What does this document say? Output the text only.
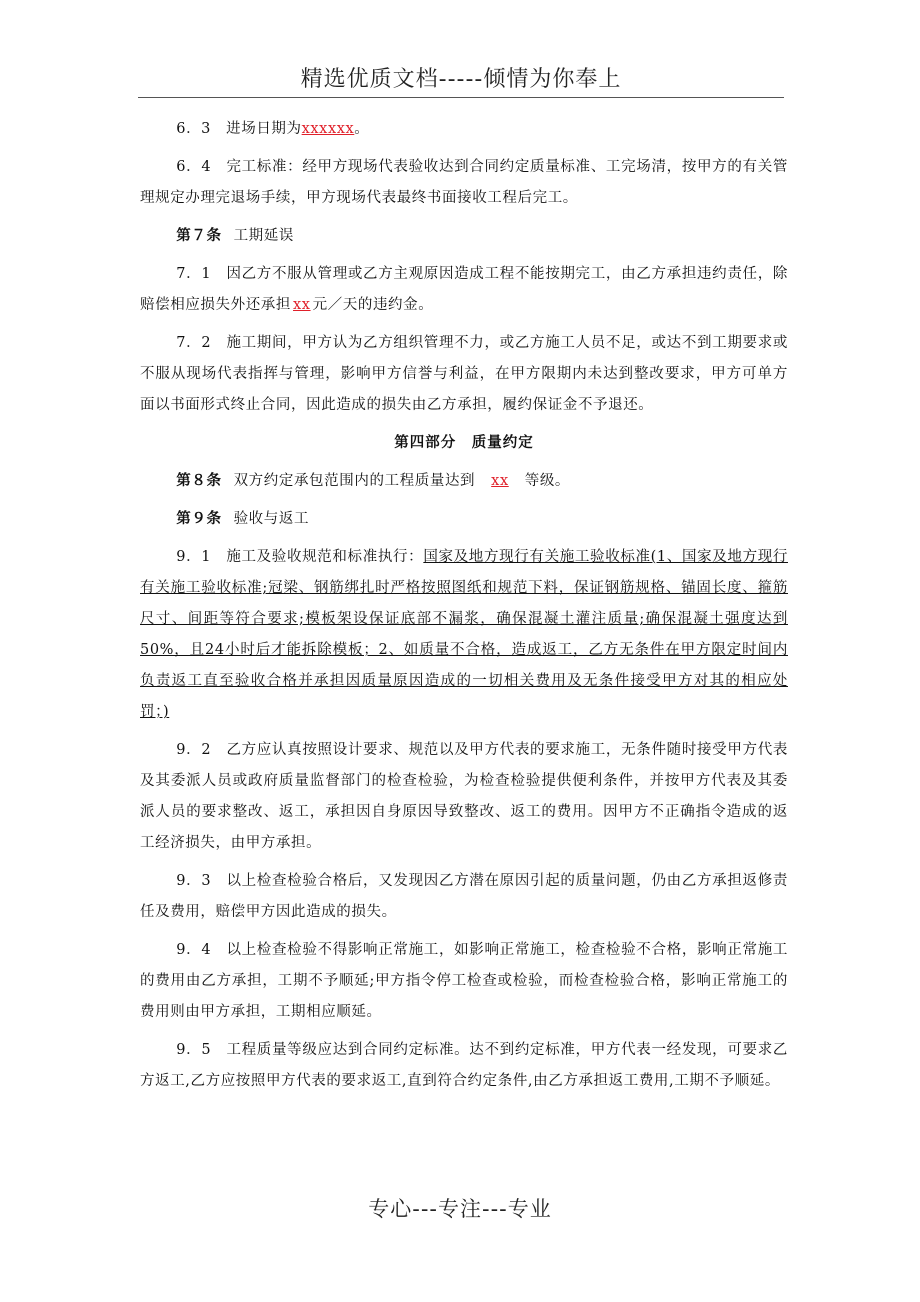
精选优质文档-----倾情为你奉上

6．3　 进场日期为xxxxxx。

6．4　 完工标准：经甲方现场代表验收达到合同约定质量标准、工完场清，按甲方的有关管理规定办理完退场手续，甲方现场代表最终书面接收工程后完工。

第７条 工期延误

7．1　 因乙方不服从管理或乙方主观原因造成工程不能按期完工，由乙方承担违约责任，除赔偿相应损失外还承担 xx 元／天的违约金。

7．2　 施工期间，甲方认为乙方组织管理不力，或乙方施工人员不足，或达不到工期要求或不服从现场代表指挥与管理，影响甲方信誉与利益，在甲方限期内未达到整改要求，甲方可单方面以书面形式终止合同，因此造成的损失由乙方承担，履约保证金不予退还。

第四部分　质量约定

第８条 双方约定承包范围内的工程质量达到 xx 等级。

第９条 验收与返工

9．1　 施工及验收规范和标准执行：国家及地方现行有关施工验收标准(1、国家及地方现行有关施工验收标准;冠梁、钢筋绑扎时严格按照图纸和规范下料，保证钢筋规格、锚固长度、箍筋尺寸、间距等符合要求;模板架设保证底部不漏浆，确保混凝土灌注质量;确保混凝土强度达到50%，且24小时后才能拆除模板；2、如质量不合格，造成返工，乙方无条件在甲方限定时间内负责返工直至验收合格并承担因质量原因造成的一切相关费用及无条件接受甲方对其的相应处罚；)

9．2　 乙方应认真按照设计要求、规范以及甲方代表的要求施工，无条件随时接受甲方代表及其委派人员或政府质量监督部门的检查检验，为检查检验提供便利条件，并按甲方代表及其委派人员的要求整改、返工，承担因自身原因导致整改、返工的费用。因甲方不正确指令造成的返工经济损失，由甲方承担。

9．3　 以上检查检验合格后，又发现因乙方潜在原因引起的质量问题，仍由乙方承担返修责任及费用，赔偿甲方因此造成的损失。

9．4　 以上检查检验不得影响正常施工，如影响正常施工，检查检验不合格，影响正常施工的费用由乙方承担，工期不予顺延;甲方指令停工检查或检验，而检查检验合格，影响正常施工的费用则由甲方承担，工期相应顺延。

9．5　 工程质量等级应达到合同约定标准。达不到约定标准，甲方代表一经发现，可要求乙方返工,乙方应按照甲方代表的要求返工,直到符合约定条件,由乙方承担返工费用,工期不予顺延。

专心---专注---专业
